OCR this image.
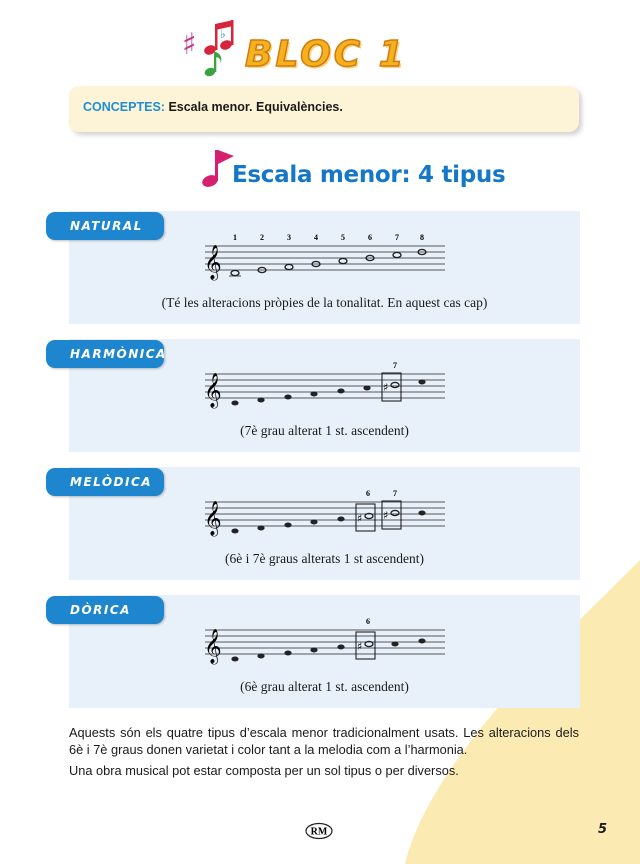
♯ ♭ BLOC 1
CONCEPTES: Escala menor. Equivalències.
Escala menor: 4 tipus
NATURAL
HARMÒNICA
MELÒDICA
DÒRICA
𝄞
1	2	3	4	5	6	7	8
(Té les alteracions pròpies de la tonalitat. En aquest cas cap)
𝄞	♯
7
(7è grau alterat 1 st. ascendent)
𝄞	♯ ♯
6	7
(6è i 7è graus alterats 1 st ascendent)
𝄞	♯
6
(6è grau alterat 1 st. ascendent)
Aquests són els quatre tipus d’escala menor tradicionalment usats. Les alteracions dels 6è i 7è graus donen varietat i color tant a la melodia com a l’harmonia.
Una obra musical pot estar composta per un sol tipus o per diversos.
RM	5
